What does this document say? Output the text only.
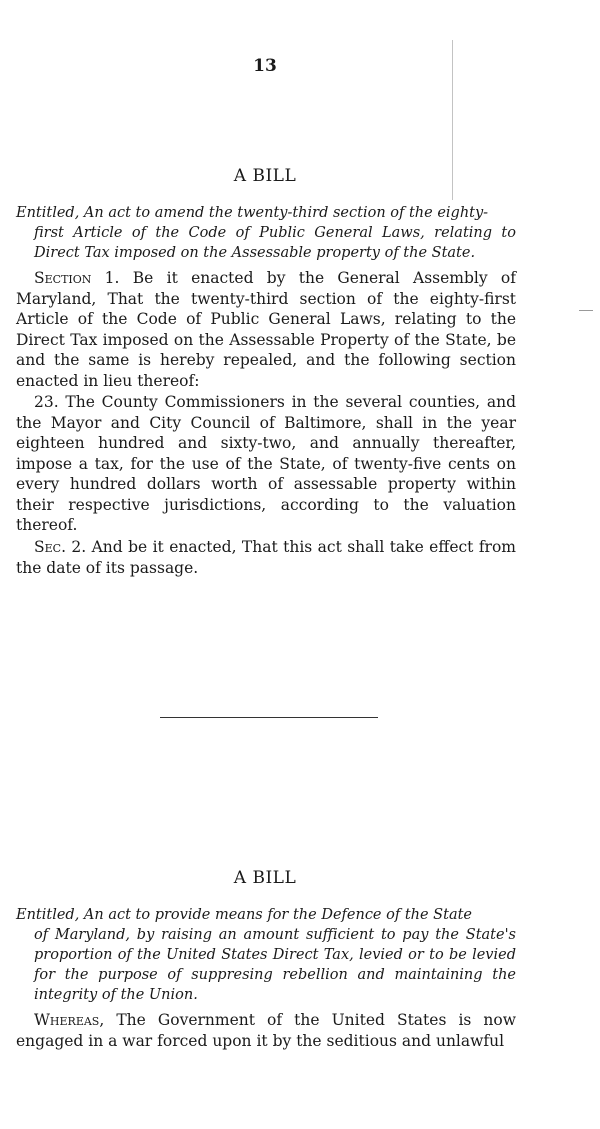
13
A BILL
Entitled, An act to amend the twenty-third section of the eighty-
first Article of the Code of Public General Laws, relating to Direct Tax imposed on the Assessable property of the State.
Section 1. Be it enacted by the General Assembly of Maryland, That the twenty-third section of the eighty-first Article of the Code of Public General Laws, relating to the Direct Tax imposed on the Assessable Property of the State, be and the same is hereby repealed, and the following section enacted in lieu thereof:
23. The County Commissioners in the several counties, and the Mayor and City Council of Baltimore, shall in the year eighteen hundred and sixty-two, and annually thereafter, impose a tax, for the use of the State, of twenty-five cents on every hundred dollars worth of assessable property within their respective jurisdictions, according to the valuation thereof.
Sec. 2. And be it enacted, That this act shall take effect from the date of its passage.
A BILL
Entitled, An act to provide means for the Defence of the State
of Maryland, by raising an amount sufficient to pay the State's proportion of the United States Direct Tax, levied or to be levied for the purpose of suppresing rebellion and maintaining the integrity of the Union.
Whereas, The Government of the United States is now engaged in a war forced upon it by the seditious and unlawful
